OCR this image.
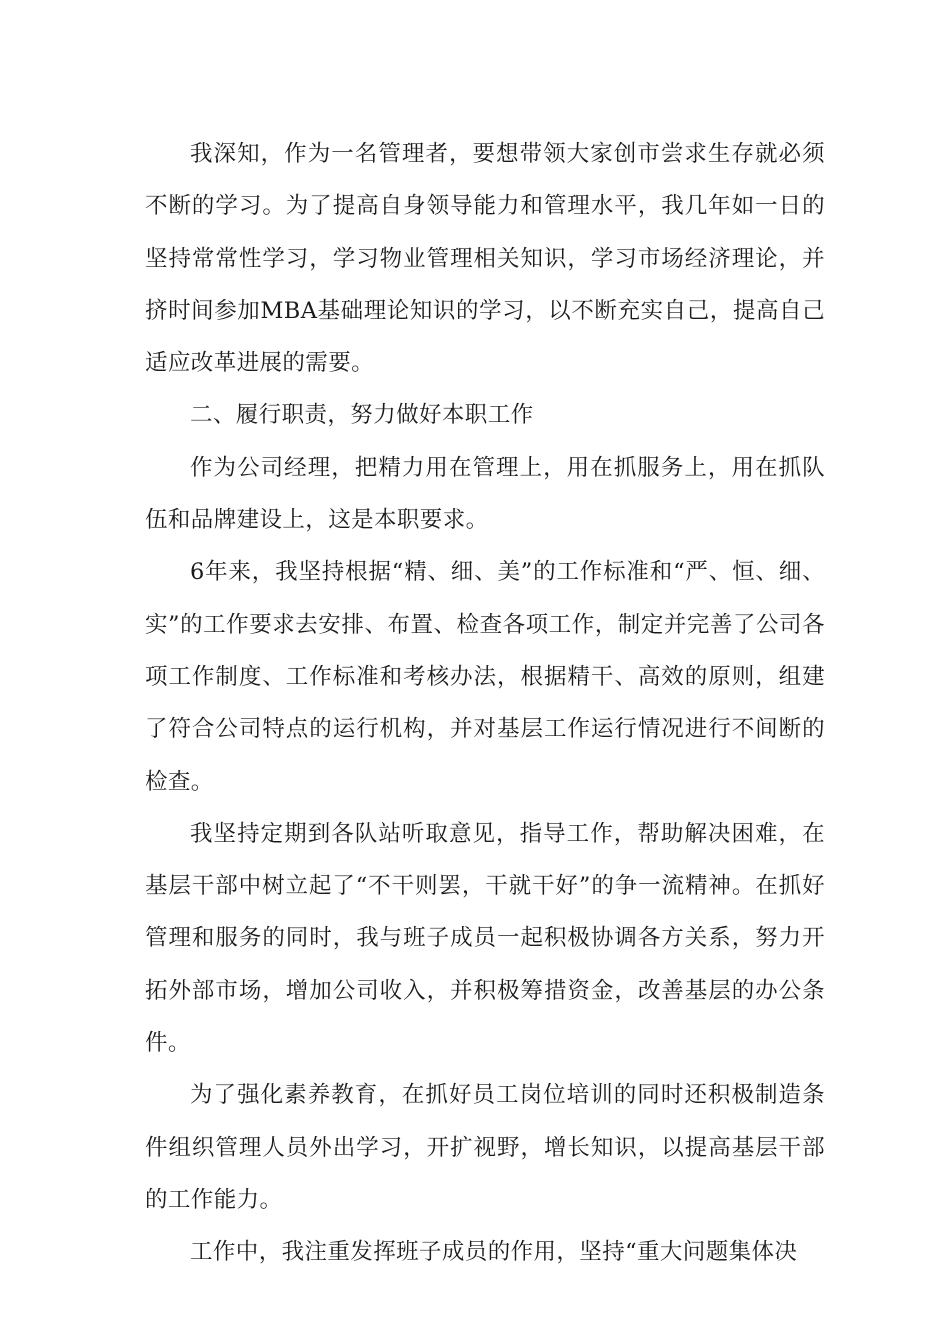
我深知，作为一名管理者，要想带领大家创市尝求生存就必须不断的学习。为了提高自身领导能力和管理水平，我几年如一日的坚持常常性学习，学习物业管理相关知识，学习市场经济理论，并挤时间参加MBA基础理论知识的学习，以不断充实自己，提高自己适应改革进展的需要。

二、履行职责，努力做好本职工作

作为公司经理，把精力用在管理上，用在抓服务上，用在抓队伍和品牌建设上，这是本职要求。

6年来，我坚持根据“精、细、美”的工作标准和“严、恒、细、实”的工作要求去安排、布置、检查各项工作，制定并完善了公司各项工作制度、工作标准和考核办法，根据精干、高效的原则，组建了符合公司特点的运行机构，并对基层工作运行情况进行不间断的检查。

我坚持定期到各队站听取意见，指导工作，帮助解决困难，在基层干部中树立起了“不干则罢，干就干好”的争一流精神。在抓好管理和服务的同时，我与班子成员一起积极协调各方关系，努力开拓外部市场，增加公司收入，并积极筹措资金，改善基层的办公条件。

为了强化素养教育，在抓好员工岗位培训的同时还积极制造条件组织管理人员外出学习，开扩视野，增长知识，以提高基层干部的工作能力。

工作中，我注重发挥班子成员的作用，坚持“重大问题集体决
